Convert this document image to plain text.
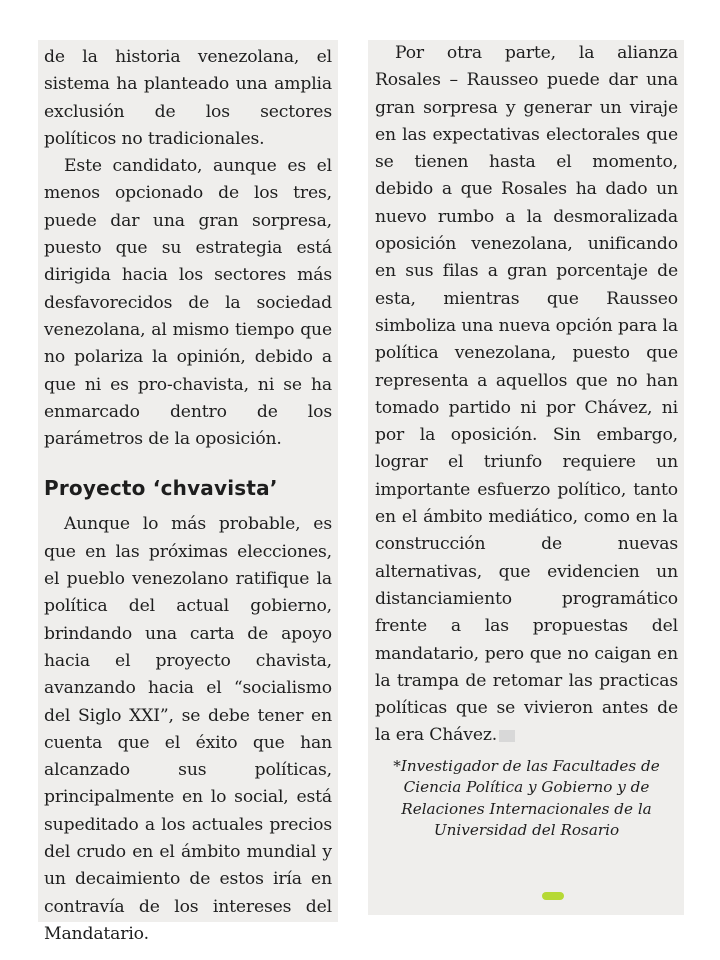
de la historia venezolana, el sistema ha planteado una amplia exclusión de los sectores políticos no tradicionales.

Este candidato, aunque es el menos opcionado de los tres, puede dar una gran sorpresa, puesto que su estrategia está dirigida hacia los sectores más desfavorecidos de la sociedad venezolana, al mismo tiempo que no polariza la opinión, debido a que ni es pro-chavista, ni se ha enmarcado dentro de los parámetros de la oposición.

Proyecto ‘chvavista’

Aunque lo más probable, es que en las próximas elecciones, el pueblo venezolano ratifique la política del actual gobierno, brindando una carta de apoyo hacia el proyecto chavista, avanzando hacia el “socialismo del Siglo XXI”, se debe tener en cuenta que el éxito que han alcanzado sus políticas, principalmente en lo social, está supeditado a los actuales precios del crudo en el ámbito mundial y un decaimiento de estos iría en contravía de los intereses del Mandatario.

Por otra parte, la alianza Rosales – Rausseo puede dar una gran sorpresa y generar un viraje en las expectativas electorales que se tienen hasta el momento, debido a que Rosales ha dado un nuevo rumbo a la desmoralizada oposición venezolana, unificando en sus filas a gran porcentaje de esta, mientras que Rausseo simboliza una nueva opción para la política venezolana, puesto que representa a aquellos que no han tomado partido ni por Chávez, ni por la oposición. Sin embargo, lograr el triunfo requiere un importante esfuerzo político, tanto en el ámbito mediático, como en la construcción de nuevas alternativas, que evidencien un distanciamiento programático frente a las propuestas del mandatario, pero que no caigan en la trampa de retomar las practicas políticas que se vivieron antes de la era Chávez.

*Investigador de las Facultades de Ciencia Política y Gobierno y de Relaciones Internacionales de la Universidad del Rosario
